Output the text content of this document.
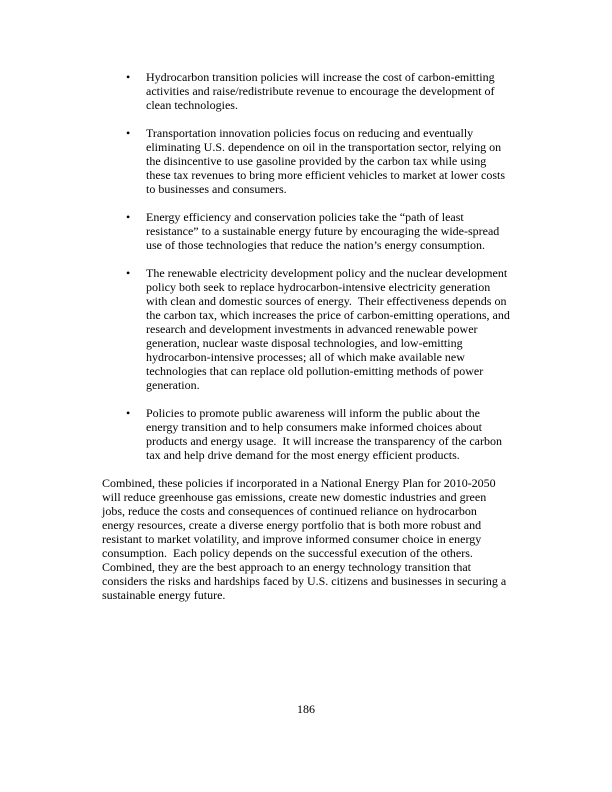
•	Hydrocarbon transition policies will increase the cost of carbon-emitting activities and raise/redistribute revenue to encourage the development of clean technologies.
•	Transportation innovation policies focus on reducing and eventually eliminating U.S. dependence on oil in the transportation sector, relying on the disincentive to use gasoline provided by the carbon tax while using these tax revenues to bring more efficient vehicles to market at lower costs to businesses and consumers.
•	Energy efficiency and conservation policies take the “path of least resistance” to a sustainable energy future by encouraging the wide-spread use of those technologies that reduce the nation’s energy consumption.
•	The renewable electricity development policy and the nuclear development policy both seek to replace hydrocarbon-intensive electricity generation with clean and domestic sources of energy.  Their effectiveness depends on the carbon tax, which increases the price of carbon-emitting operations, and research and development investments in advanced renewable power generation, nuclear waste disposal technologies, and low-emitting hydrocarbon-intensive processes; all of which make available new technologies that can replace old pollution-emitting methods of power generation.
•	Policies to promote public awareness will inform the public about the energy transition and to help consumers make informed choices about products and energy usage.  It will increase the transparency of the carbon tax and help drive demand for the most energy efficient products.

Combined, these policies if incorporated in a National Energy Plan for 2010-2050 will reduce greenhouse gas emissions, create new domestic industries and green jobs, reduce the costs and consequences of continued reliance on hydrocarbon energy resources, create a diverse energy portfolio that is both more robust and resistant to market volatility, and improve informed consumer choice in energy consumption.  Each policy depends on the successful execution of the others.  Combined, they are the best approach to an energy technology transition that considers the risks and hardships faced by U.S. citizens and businesses in securing a sustainable energy future.

186
